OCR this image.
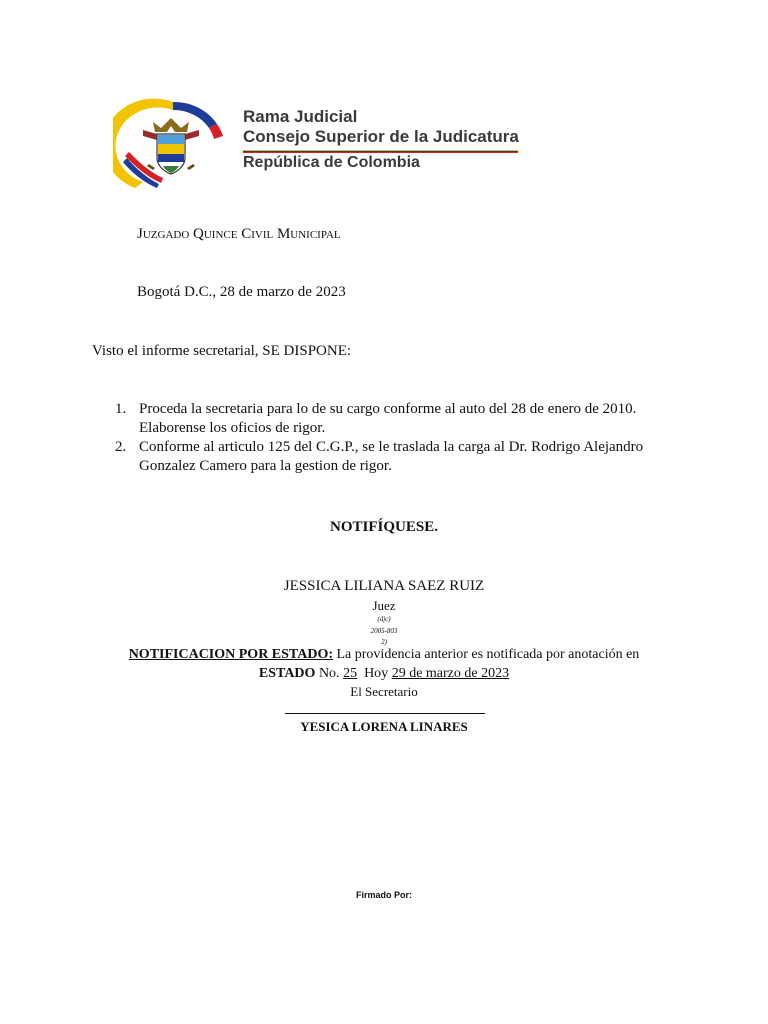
Rama Judicial
Consejo Superior de la Judicatura
República de Colombia
Juzgado Quince Civil Municipal
Bogotá D.C., 28 de marzo de 2023
Visto el informe secretarial, SE DISPONE:
1. Proceda la secretaria para lo de su cargo conforme al auto del 28 de enero de 2010. Elaborense los oficios de rigor.
2. Conforme al articulo 125 del C.G.P., se le traslada la carga al Dr. Rodrigo Alejandro Gonzalez Camero para la gestion de rigor.
NOTIFÍQUESE.
JESSICA LILIANA SAEZ RUIZ
Juez
(djc)
2005-803
2)
NOTIFICACION POR ESTADO: La providencia anterior es notificada por anotación en
ESTADO No. 25  Hoy 29 de marzo de 2023
El Secretario
YESICA LORENA LINARES
Firmado Por:
